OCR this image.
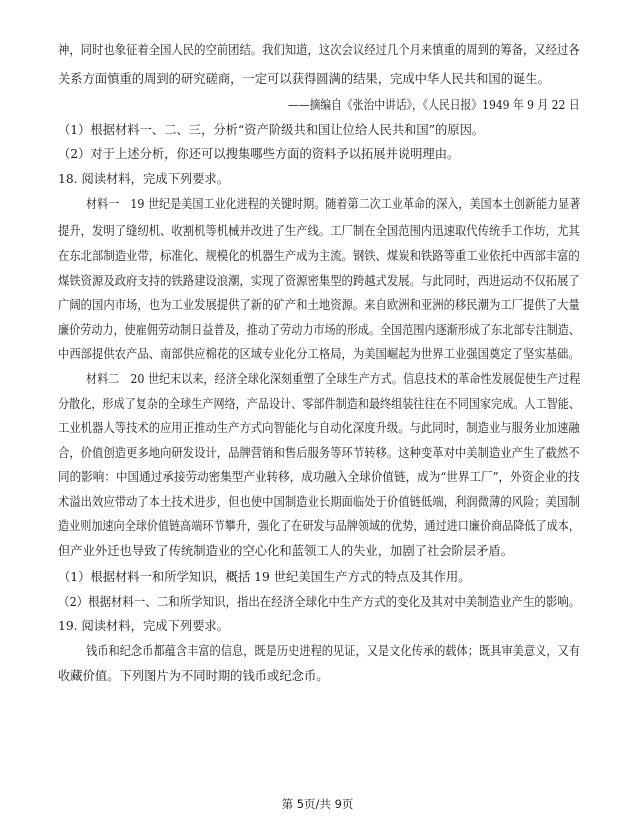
神，同时也象征着全国人民的空前团结。我们知道，这次会议经过几个月来慎重的周到的筹备，又经过各
关系方面慎重的周到的研究磋商，一定可以获得圆满的结果，完成中华人民共和国的诞生。
——摘编自《张治中讲话》，《人民日报》1949 年 9 月 22 日
（1）根据材料一、二、三，分析“资产阶级共和国让位给人民共和国”的原因。
（2）对于上述分析，你还可以搜集哪些方面的资料予以拓展并说明理由。
18. 阅读材料，完成下列要求。
材料一　19 世纪是美国工业化进程的关键时期。随着第二次工业革命的深入，美国本土创新能力显著
提升，发明了缝纫机、收割机等机械并改进了生产线。工厂制在全国范围内迅速取代传统手工作坊，尤其
在东北部制造业带，标准化、规模化的机器生产成为主流。钢铁、煤炭和铁路等重工业依托中西部丰富的
煤铁资源及政府支持的铁路建设浪潮，实现了资源密集型的跨越式发展。与此同时，西进运动不仅拓展了
广阔的国内市场，也为工业发展提供了新的矿产和土地资源。来自欧洲和亚洲的移民潮为工厂提供了大量
廉价劳动力，使雇佣劳动制日益普及，推动了劳动力市场的形成。全国范围内逐渐形成了东北部专注制造、
中西部提供农产品、南部供应棉花的区域专业化分工格局，为美国崛起为世界工业强国奠定了坚实基础。
材料二　20 世纪末以来，经济全球化深刻重塑了全球生产方式。信息技术的革命性发展促使生产过程
分散化，形成了复杂的全球生产网络，产品设计、零部件制造和最终组装往往在不同国家完成。人工智能、
工业机器人等技术的应用正推动生产方式向智能化与自动化深度升级。与此同时，制造业与服务业加速融
合，价值创造更多地向研发设计，品牌营销和售后服务等环节转移。这种变革对中美制造业产生了截然不
同的影响：中国通过承接劳动密集型产业转移，成功融入全球价值链，成为“世界工厂”，外资企业的技
术溢出效应带动了本土技术进步，但也使中国制造业长期面临处于价值链低端，利润微薄的风险；美国制
造业则加速向全球价值链高端环节攀升，强化了在研发与品牌领域的优势，通过进口廉价商品降低了成本，
但产业外迁也导致了传统制造业的空心化和蓝领工人的失业，加剧了社会阶层矛盾。
（1）根据材料一和所学知识，概括 19 世纪美国生产方式的特点及其作用。
（2）根据材料一、二和所学知识，指出在经济全球化中生产方式的变化及其对中美制造业产生的影响。
19. 阅读材料，完成下列要求。
钱币和纪念币都蕴含丰富的信息，既是历史进程的见证，又是文化传承的载体；既具审美意义，又有
收藏价值。下列图片为不同时期的钱币或纪念币。
第 5页/共 9页
